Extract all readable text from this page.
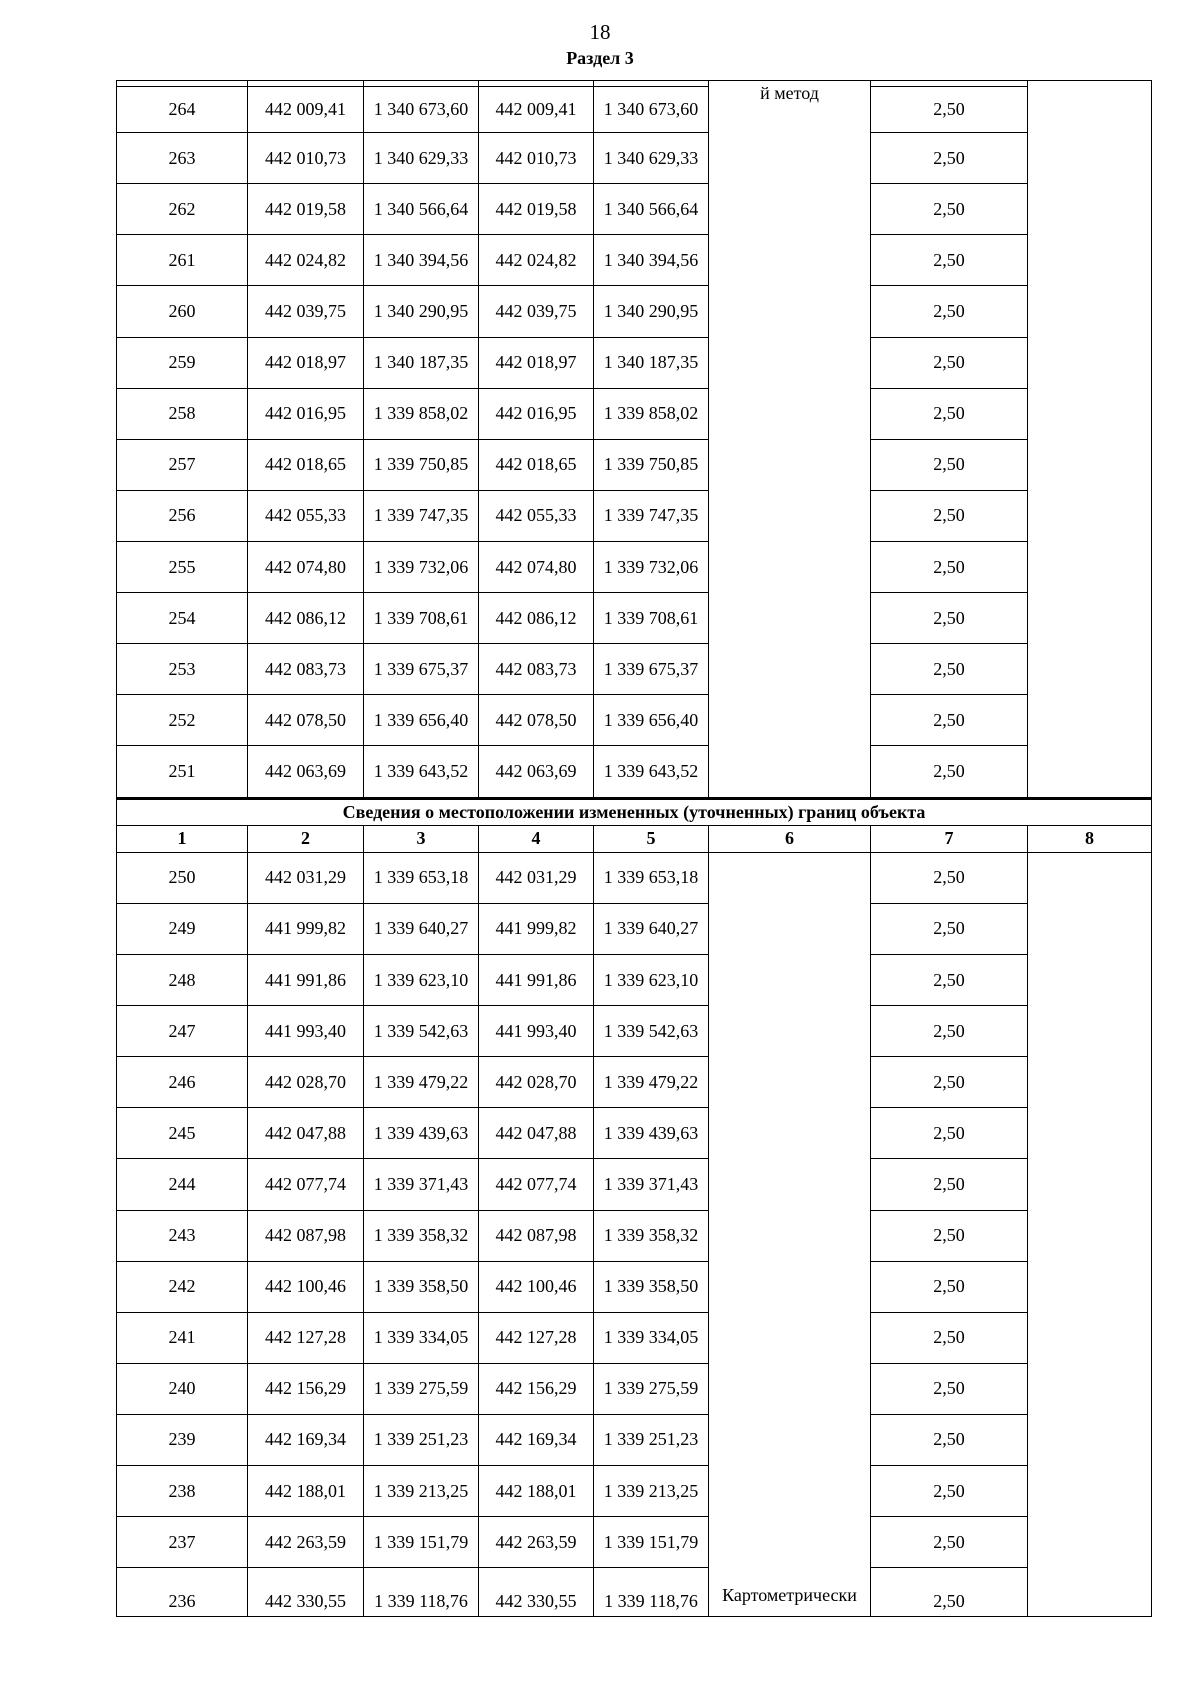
18
Раздел 3

264	442 009,41	1 340 673,60	442 009,41	1 340 673,60	й метод	2,50	
263	442 010,73	1 340 629,33	442 010,73	1 340 629,33		2,50	
262	442 019,58	1 340 566,64	442 019,58	1 340 566,64		2,50	
261	442 024,82	1 340 394,56	442 024,82	1 340 394,56		2,50	
260	442 039,75	1 340 290,95	442 039,75	1 340 290,95		2,50	
259	442 018,97	1 340 187,35	442 018,97	1 340 187,35		2,50	
258	442 016,95	1 339 858,02	442 016,95	1 339 858,02		2,50	
257	442 018,65	1 339 750,85	442 018,65	1 339 750,85		2,50	
256	442 055,33	1 339 747,35	442 055,33	1 339 747,35		2,50	
255	442 074,80	1 339 732,06	442 074,80	1 339 732,06		2,50	
254	442 086,12	1 339 708,61	442 086,12	1 339 708,61		2,50	
253	442 083,73	1 339 675,37	442 083,73	1 339 675,37		2,50	
252	442 078,50	1 339 656,40	442 078,50	1 339 656,40		2,50	
251	442 063,69	1 339 643,52	442 063,69	1 339 643,52		2,50	
Сведения о местоположении измененных (уточненных) границ объекта							
1	2	3	4	5	6	7	8
250	442 031,29	1 339 653,18	442 031,29	1 339 653,18		2,50	
249	441 999,82	1 339 640,27	441 999,82	1 339 640,27		2,50	
248	441 991,86	1 339 623,10	441 991,86	1 339 623,10		2,50	
247	441 993,40	1 339 542,63	441 993,40	1 339 542,63		2,50	
246	442 028,70	1 339 479,22	442 028,70	1 339 479,22		2,50	
245	442 047,88	1 339 439,63	442 047,88	1 339 439,63		2,50	
244	442 077,74	1 339 371,43	442 077,74	1 339 371,43		2,50	
243	442 087,98	1 339 358,32	442 087,98	1 339 358,32		2,50	
242	442 100,46	1 339 358,50	442 100,46	1 339 358,50		2,50	
241	442 127,28	1 339 334,05	442 127,28	1 339 334,05		2,50	
240	442 156,29	1 339 275,59	442 156,29	1 339 275,59		2,50	
239	442 169,34	1 339 251,23	442 169,34	1 339 251,23		2,50	
238	442 188,01	1 339 213,25	442 188,01	1 339 213,25		2,50	
237	442 263,59	1 339 151,79	442 263,59	1 339 151,79		2,50	
236	442 330,55	1 339 118,76	442 330,55	1 339 118,76	Картометрически	2,50	
